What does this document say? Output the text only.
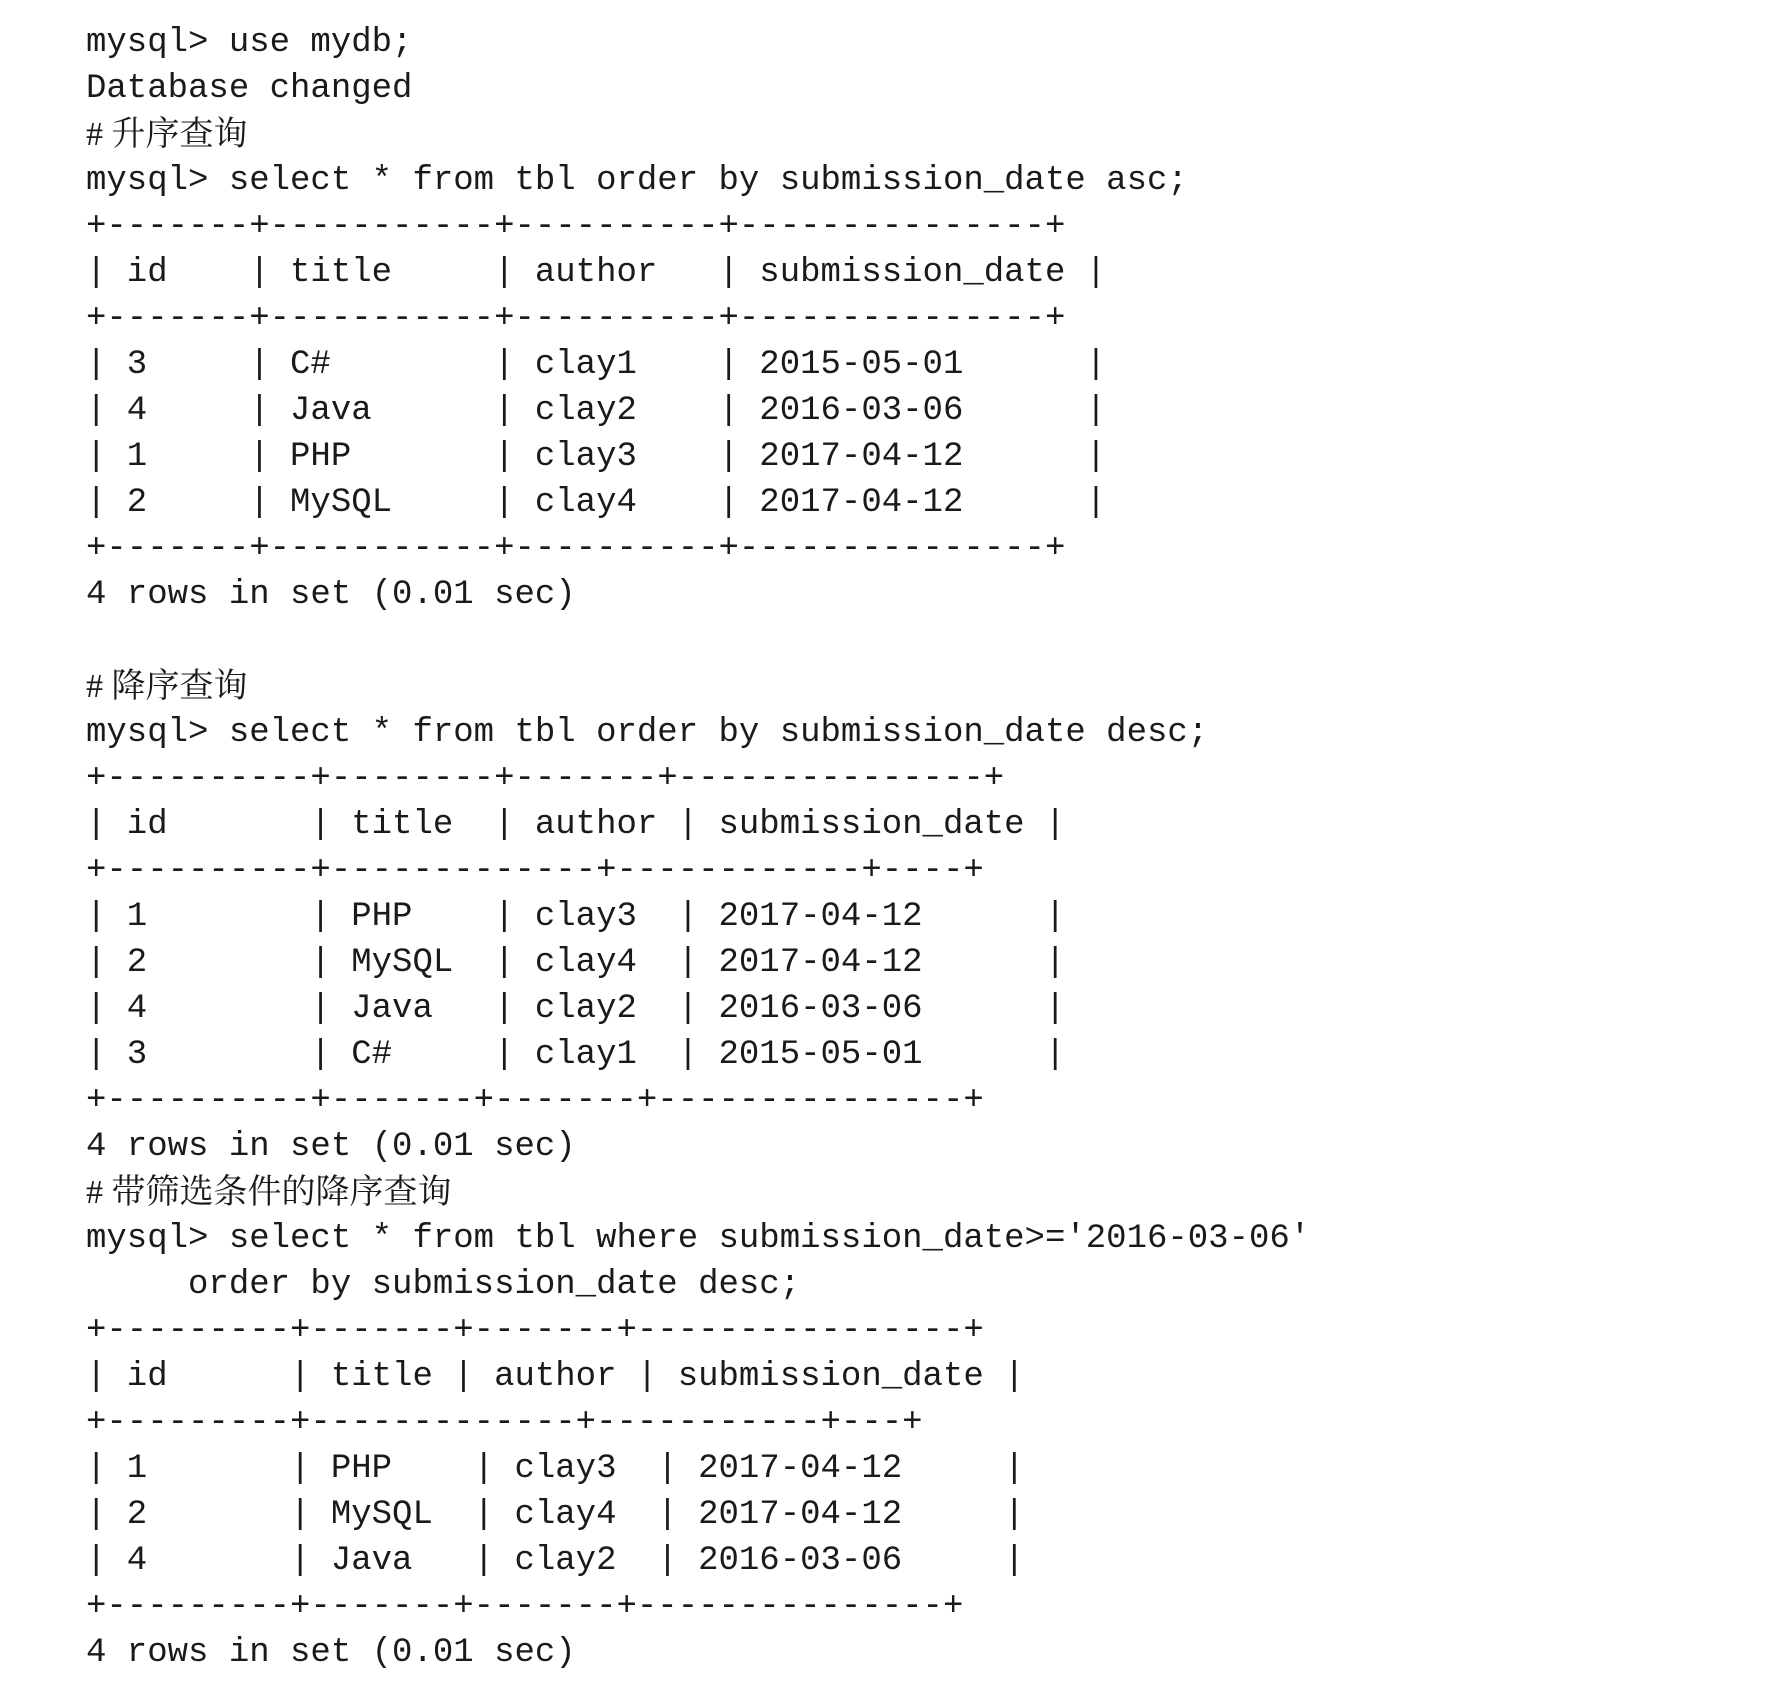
mysql> use mydb;
Database changed
# 升序查询
mysql> select * from tbl order by submission_date asc;
+-------+-----------+----------+---------------+
| id    | title     | author   | submission_date |
+-------+-----------+----------+---------------+
| 3     | C#        | clay1    | 2015-05-01      |
| 4     | Java      | clay2    | 2016-03-06      |
| 1     | PHP       | clay3    | 2017-04-12      |
| 2     | MySQL     | clay4    | 2017-04-12      |
+-------+-----------+----------+---------------+
4 rows in set (0.01 sec)
# 降序查询
mysql> select * from tbl order by submission_date desc;
+----------+--------+-------+---------------+
| id       | title  | author | submission_date |
+----------+-------------+------------+----+
| 1        | PHP    | clay3  | 2017-04-12      |
| 2        | MySQL  | clay4  | 2017-04-12      |
| 4        | Java   | clay2  | 2016-03-06      |
| 3        | C#     | clay1  | 2015-05-01      |
+----------+-------+-------+---------------+
4 rows in set (0.01 sec)
# 带筛选条件的降序查询
mysql> select * from tbl where submission_date>='2016-03-06'
order by submission_date desc;
+---------+-------+-------+----------------+
| id      | title | author | submission_date |
+---------+-------------+-----------+---+
| 1       | PHP    | clay3  | 2017-04-12     |
| 2       | MySQL  | clay4  | 2017-04-12     |
| 4       | Java   | clay2  | 2016-03-06     |
+---------+-------+-------+---------------+
4 rows in set (0.01 sec)
